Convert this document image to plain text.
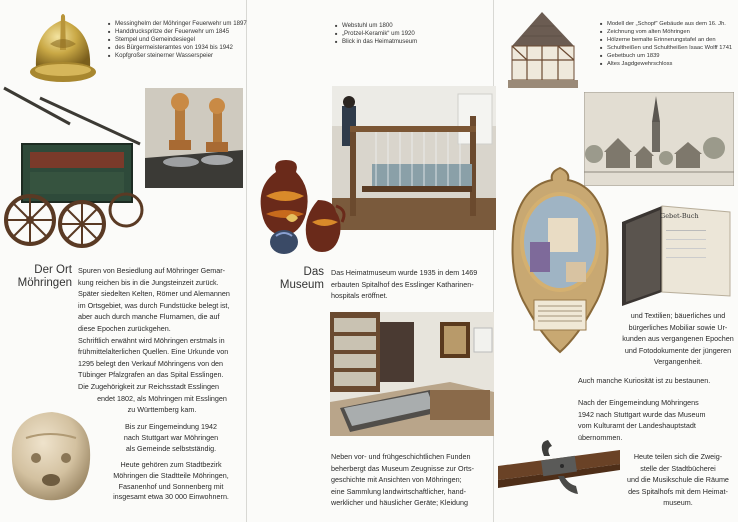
■ Messinghelm der Möhringer Feuerwehr um 1897
■ Handdruckspritze der Feuerwehr um 1845
■ Stempel und Gemeindesiegel
■ des Bürgermeisteramtes von 1934 bis 1942
■ Kopfgroßer steinerner Wasserspeier
Der Ort
Möhringen

Spuren von Besiedlung auf Möhringer Gemar-

kung reichen bis in die Jungsteinzeit zurück.

Später siedelten Kelten, Römer und Alemannen

im Ortsgebiet, was durch Fundstücke belegt ist,

aber auch durch manche Flurnamen, die auf

diese Epochen zurückgehen.

Schriftlich erwähnt wird Möhringen erstmals in

frühmittelalterlichen Quellen. Eine Urkunde von

1295 belegt den Verkauf Möhringens von den

Tübinger Pfalzgrafen an das Spital Esslingen.

Die Zugehörigkeit zur Reichsstadt Esslingen

endet 1802, als Möhringen mit Esslingen

zu Württemberg kam.

Bis zur Eingemeindung 1942

nach Stuttgart war Möhringen

als Gemeinde selbstständig.

Heute gehören zum Stadtbezirk

Möhringen die Stadtteile Möhringen,

Fasanenhof und Sonnenberg mit

insgesamt etwa 30 000 Einwohnern.

■ Webstuhl um 1800
■ „Protzel-Keramik“ um 1920
■ Blick in das Heimatmuseum
Das
Museum

Das Heimatmuseum wurde 1935 in dem 1469

erbauten Spitalhof des Esslinger Katharinen-

hospitals eröffnet.

Neben vor- und frühgeschichtlichen Funden

beherbergt das Museum Zeugnisse zur Orts-

geschichte mit Ansichten von Möhringen;

eine Sammlung landwirtschaftlicher, hand-

werklicher und häuslicher Geräte; Kleidung

■ Modell der „Schopf“ Gebäude aus dem 16. Jh.
■ Zeichnung vom alten Möhringen
■ Hölzerne bemalte Erinnerungstafel an den
■ Schultheißen und Schultheißen Isaac Wolff 1741
■ Gebetbuch um 1839
■ Altes Jagdgewehrschloss
Gebet-Buch

und Textilien; bäuerliches und

bürgerliches Mobiliar sowie Ur-

kunden aus vergangenen Epochen

und Fotodokumente der jüngeren

Vergangenheit.

Auch manche Kuriosität ist zu bestaunen.

Nach der Eingemeindung Möhringens

1942 nach Stuttgart wurde das Museum

vom Kulturamt der Landeshauptstadt

übernommen.

Heute teilen sich die Zweig-

stelle der Stadtbücherei

und die Musikschule die Räume

des Spitalhofs mit dem Heimat-

museum.
